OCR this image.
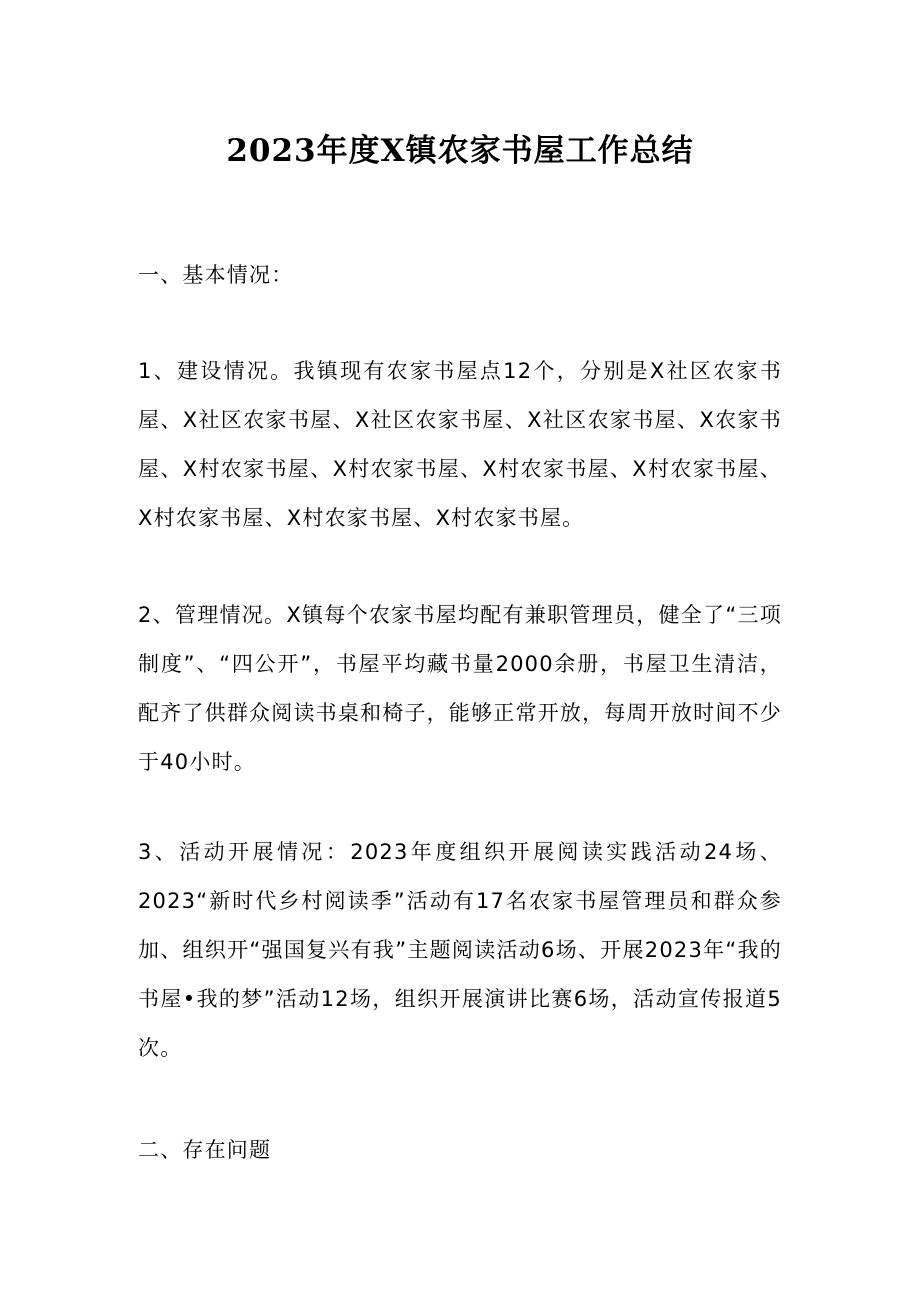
2023年度X镇农家书屋工作总结

一、基本情况：

1、建设情况。我镇现有农家书屋点12个，分别是X社区农家书屋、X社区农家书屋、X社区农家书屋、X社区农家书屋、X农家书屋、X村农家书屋、X村农家书屋、X村农家书屋、X村农家书屋、X村农家书屋、X村农家书屋、X村农家书屋。

2、管理情况。X镇每个农家书屋均配有兼职管理员，健全了“三项制度”、“四公开”，书屋平均藏书量2000余册，书屋卫生清洁，配齐了供群众阅读书桌和椅子，能够正常开放，每周开放时间不少于40小时。

3、活动开展情况：2023年度组织开展阅读实践活动24场、2023“新时代乡村阅读季”活动有17名农家书屋管理员和群众参加、组织开“强国复兴有我”主题阅读活动6场、开展2023年“我的书屋•我的梦”活动12场，组织开展演讲比赛6场，活动宣传报道5次。

二、存在问题
